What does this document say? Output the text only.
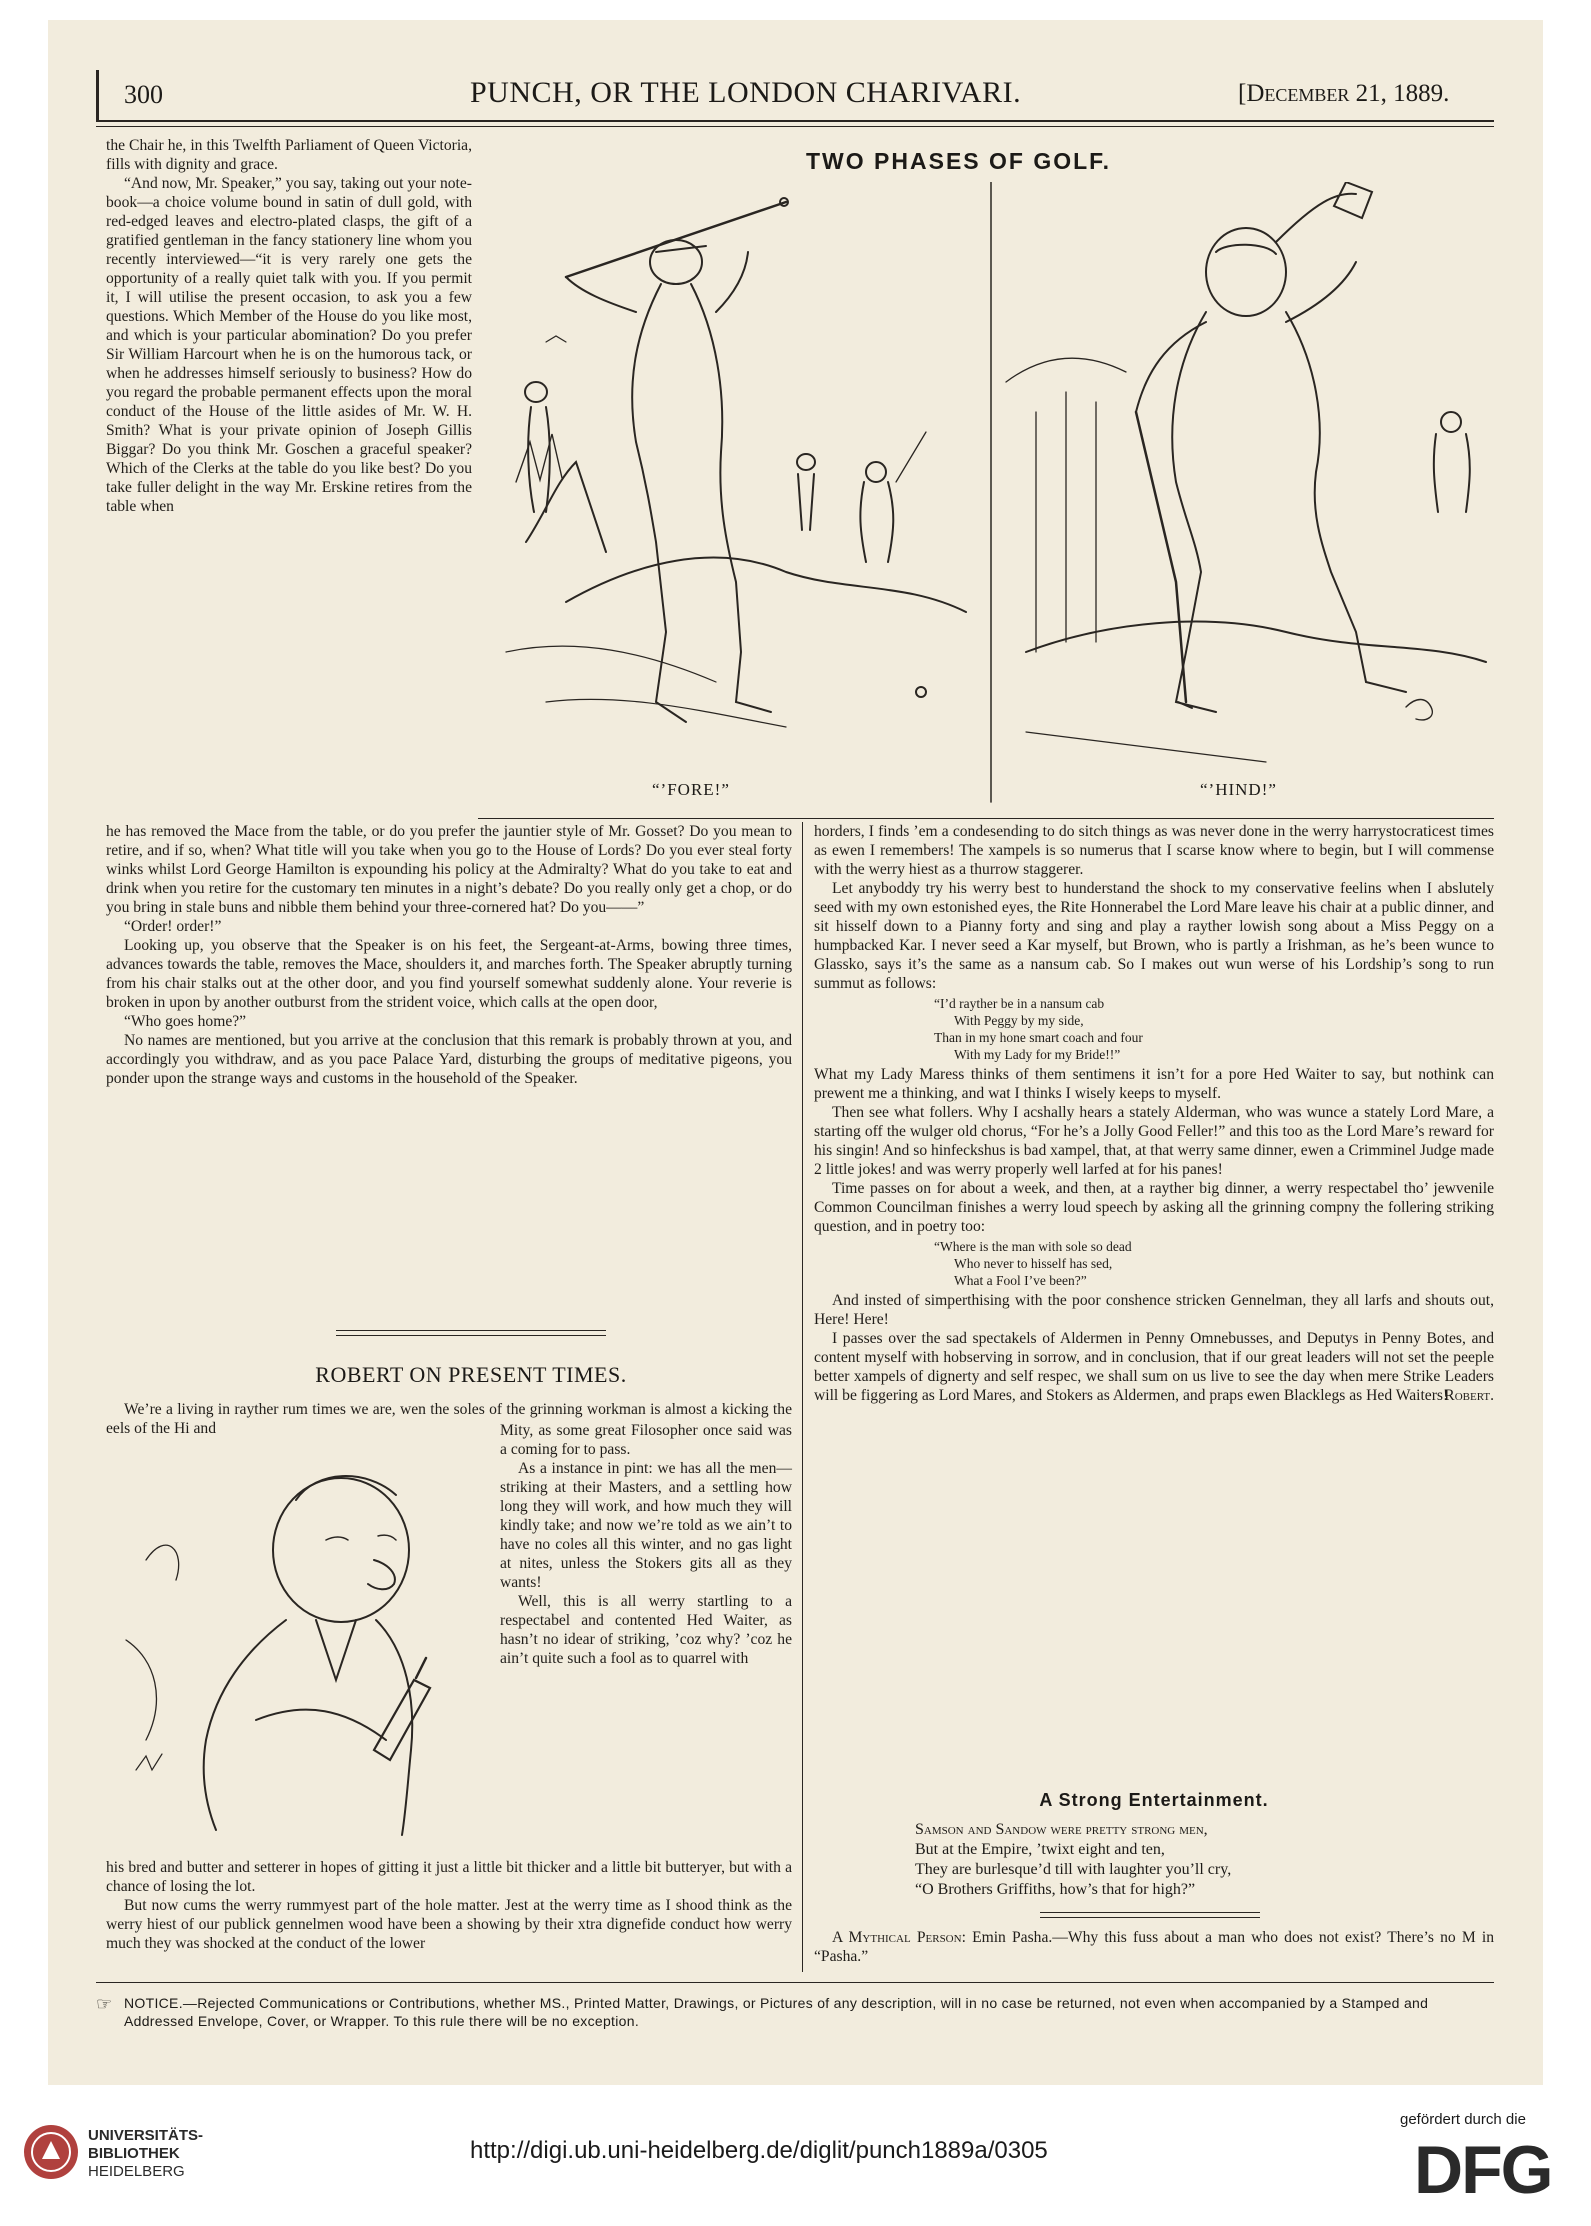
300	PUNCH, OR THE LONDON CHARIVARI.	[December 21, 1889.

the Chair he, in this Twelfth Parliament of Queen Victoria, fills with dignity and grace.

“And now, Mr. Speaker,” you say, taking out your note-book—a choice volume bound in satin of dull gold, with red-edged leaves and electro-plated clasps, the gift of a gratified gentleman in the fancy stationery line whom you recently interviewed—“it is very rarely one gets the opportunity of a really quiet talk with you. If you permit it, I will utilise the present occasion, to ask you a few questions. Which Member of the House do you like most, and which is your particular abomination? Do you prefer Sir William Harcourt when he is on the humorous tack, or when he addresses himself seriously to business? How do you regard the probable permanent effects upon the moral conduct of the House of the little asides of Mr. W. H. Smith? What is your private opinion of Joseph Gillis Biggar? Do you think Mr. Goschen a graceful speaker? Which of the Clerks at the table do you like best? Do you take fuller delight in the way Mr. Erskine retires from the table when

TWO PHASES OF GOLF.
“’FORE!”	“’HIND!”

he has removed the Mace from the table, or do you prefer the jauntier style of Mr. Gosset? Do you mean to retire, and if so, when? What title will you take when you go to the House of Lords? Do you ever steal forty winks whilst Lord George Hamilton is expounding his policy at the Admiralty? What do you take to eat and drink when you retire for the customary ten minutes in a night’s debate? Do you really only get a chop, or do you bring in stale buns and nibble them behind your three-cornered hat? Do you——”

“Order! order!”

Looking up, you observe that the Speaker is on his feet, the Sergeant-at-Arms, bowing three times, advances towards the table, removes the Mace, shoulders it, and marches forth. The Speaker abruptly turning from his chair stalks out at the other door, and you find yourself somewhat suddenly alone. Your reverie is broken in upon by another outburst from the strident voice, which calls at the open door,

“Who goes home?”

No names are mentioned, but you arrive at the conclusion that this remark is probably thrown at you, and accordingly you withdraw, and as you pace Palace Yard, disturbing the groups of meditative pigeons, you ponder upon the strange ways and customs in the household of the Speaker.

ROBERT ON PRESENT TIMES.

We’re a living in rayther rum times we are, wen the soles of the grinning workman is almost a kicking the eels of the Hi and	Mity, as some great Filosopher once said was a coming for to pass.

As a instance in pint: we has all the men—striking at their Masters, and a settling how long they will work, and how much they will kindly take; and now we’re told as we ain’t to have no coles all this winter, and no gas light at nites, unless the Stokers gits all as they wants!

Well, this is all werry startling to a respectabel and contented Hed Waiter, as hasn’t no idear of striking, ’coz why? ’coz he ain’t quite such a fool as to quarrel with

his bred and butter and setterer in hopes of gitting it just a little bit thicker and a little bit butteryer, but with a chance of losing the lot.

But now cums the werry rummyest part of the hole matter. Jest at the werry time as I shood think as the werry hiest of our publick gennelmen wood have been a showing by their xtra dignefide conduct how werry much they was shocked at the conduct of the lower

horders, I finds ’em a condesending to do sitch things as was never done in the werry harrystocraticest times as ewen I remembers! The xampels is so numerus that I scarse know where to begin, but I will commense with the werry hiest as a thurrow staggerer.

Let anyboddy try his werry best to hunderstand the shock to my conservative feelins when I abslutely seed with my own estonished eyes, the Rite Honnerabel the Lord Mare leave his chair at a public dinner, and sit hisself down to a Pianny forty and sing and play a rayther lowish song about a Miss Peggy on a humpbacked Kar. I never seed a Kar myself, but Brown, who is partly a Irishman, as he’s been wunce to Glassko, says it’s the same as a nansum cab. So I makes out wun werse of his Lordship’s song to run summut as follows:

“I’d rayther be in a nansum cab
With Peggy by my side,
Than in my hone smart coach and four
With my Lady for my Bride!!”

What my Lady Maress thinks of them sentimens it isn’t for a pore Hed Waiter to say, but nothink can prewent me a thinking, and wat I thinks I wisely keeps to myself.

Then see what follers. Why I acshally hears a stately Alderman, who was wunce a stately Lord Mare, a starting off the wulger old chorus, “For he’s a Jolly Good Feller!” and this too as the Lord Mare’s reward for his singin! And so hinfeckshus is bad xampel, that, at that werry same dinner, ewen a Crimminel Judge made 2 little jokes! and was werry properly well larfed at for his panes!

Time passes on for about a week, and then, at a rayther big dinner, a werry respectabel tho’ jewvenile Common Councilman finishes a werry loud speech by asking all the grinning compny the follering striking question, and in poetry too:

“Where is the man with sole so dead
Who never to hisself has sed,
What a Fool I’ve been?”

And insted of simperthising with the poor conshence stricken Gennelman, they all larfs and shouts out, Here! Here!

I passes over the sad spectakels of Aldermen in Penny Omnebusses, and Deputys in Penny Botes, and content myself with hobserving in sorrow, and in conclusion, that if our great leaders will not set the peeple better xampels of dignerty and self respec, we shall sum on us live to see the day when mere Strike Leaders will be figgering as Lord Mares, and Stokers as Aldermen, and praps ewen Blacklegs as Hed Waiters!

Robert.
A Strong Entertainment.
Samson and Sandow were pretty strong men,
But at the Empire, ’twixt eight and ten,
They are burlesque’d till with laughter you’ll cry,
“O Brothers Griffiths, how’s that for high?”

A Mythical Person: Emin Pasha.—Why this fuss about a man who does not exist? There’s no M in “Pasha.”

☞ NOTICE.—Rejected Communications or Contributions, whether MS., Printed Matter, Drawings, or Pictures of any description, will in no case be returned, not even when accompanied by a Stamped and Addressed Envelope, Cover, or Wrapper. To this rule there will be no exception.
UNIVERSITÄTS-
BIBLIOTHEK
HEIDELBERG
http://digi.ub.uni-heidelberg.de/diglit/punch1889a/0305
gefördert durch die
DFG
